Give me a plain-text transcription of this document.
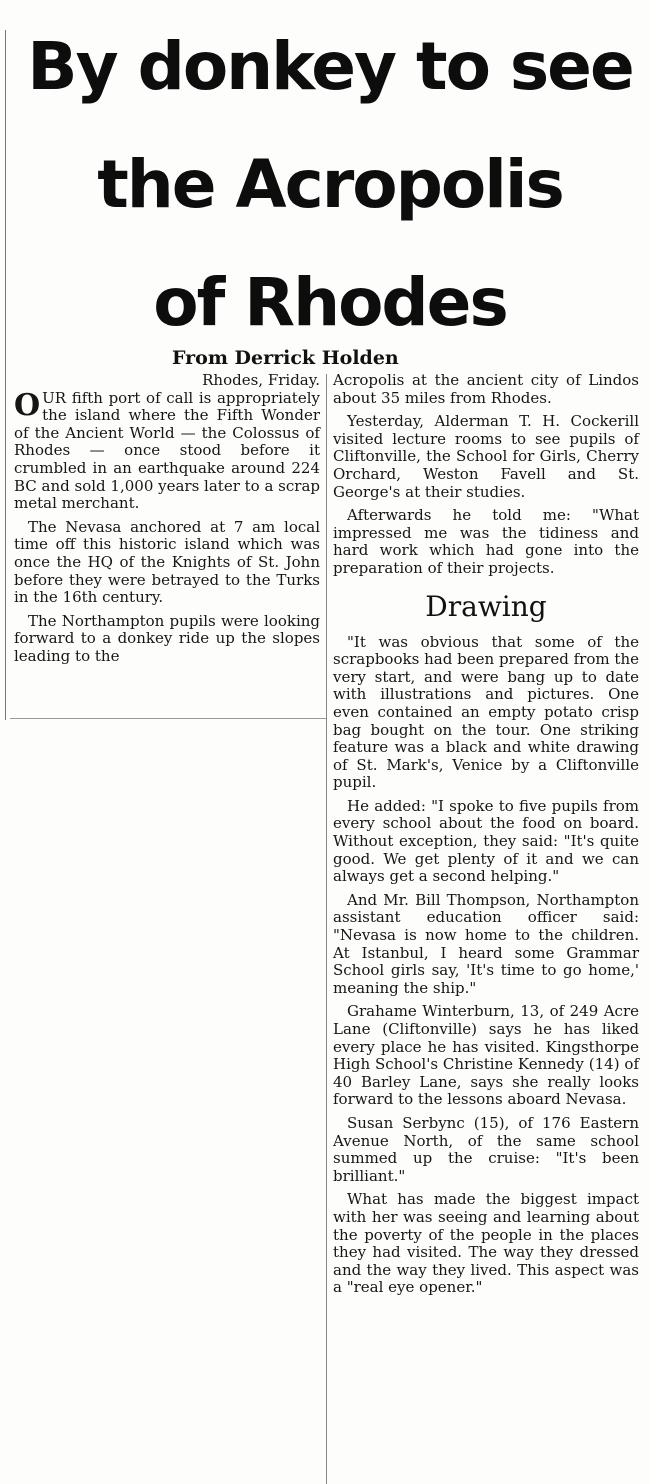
By donkey to see
the Acropolis
of Rhodes
From Derrick Holden

Rhodes, Friday.

OUR fifth port of call is appropriately the island where the Fifth Wonder of the Ancient World — the Colossus of Rhodes — once stood before it crumbled in an earthquake around 224 BC and sold 1,000 years later to a scrap metal merchant.

The Nevasa anchored at 7 am local time off this historic island which was once the HQ of the Knights of St. John before they were betrayed to the Turks in the 16th century.

The Northampton pupils were looking forward to a donkey ride up the slopes leading to the

Acropolis at the ancient city of Lindos about 35 miles from Rhodes.

Yesterday, Alderman T. H. Cockerill visited lecture rooms to see pupils of Cliftonville, the School for Girls, Cherry Orchard, Weston Favell and St. George's at their studies.

Afterwards he told me: "What impressed me was the tidiness and hard work which had gone into the preparation of their projects.

Drawing

"It was obvious that some of the scrapbooks had been prepared from the very start, and were bang up to date with illustrations and pictures. One even contained an empty potato crisp bag bought on the tour. One striking feature was a black and white drawing of St. Mark's, Venice by a Cliftonville pupil.

He added: "I spoke to five pupils from every school about the food on board. Without exception, they said: "It's quite good. We get plenty of it and we can always get a second helping."

And Mr. Bill Thompson, Northampton assistant education officer said: "Nevasa is now home to the children. At Istanbul, I heard some Grammar School girls say, 'It's time to go home,' meaning the ship."

Grahame Winterburn, 13, of 249 Acre Lane (Cliftonville) says he has liked every place he has visited. Kingsthorpe High School's Christine Kennedy (14) of 40 Barley Lane, says she really looks forward to the lessons aboard Nevasa.

Susan Serbync (15), of 176 Eastern Avenue North, of the same school summed up the cruise: "It's been brilliant."

What has made the biggest impact with her was seeing and learning about the poverty of the people in the places they had visited. The way they dressed and the way they lived. This aspect was a "real eye opener."
